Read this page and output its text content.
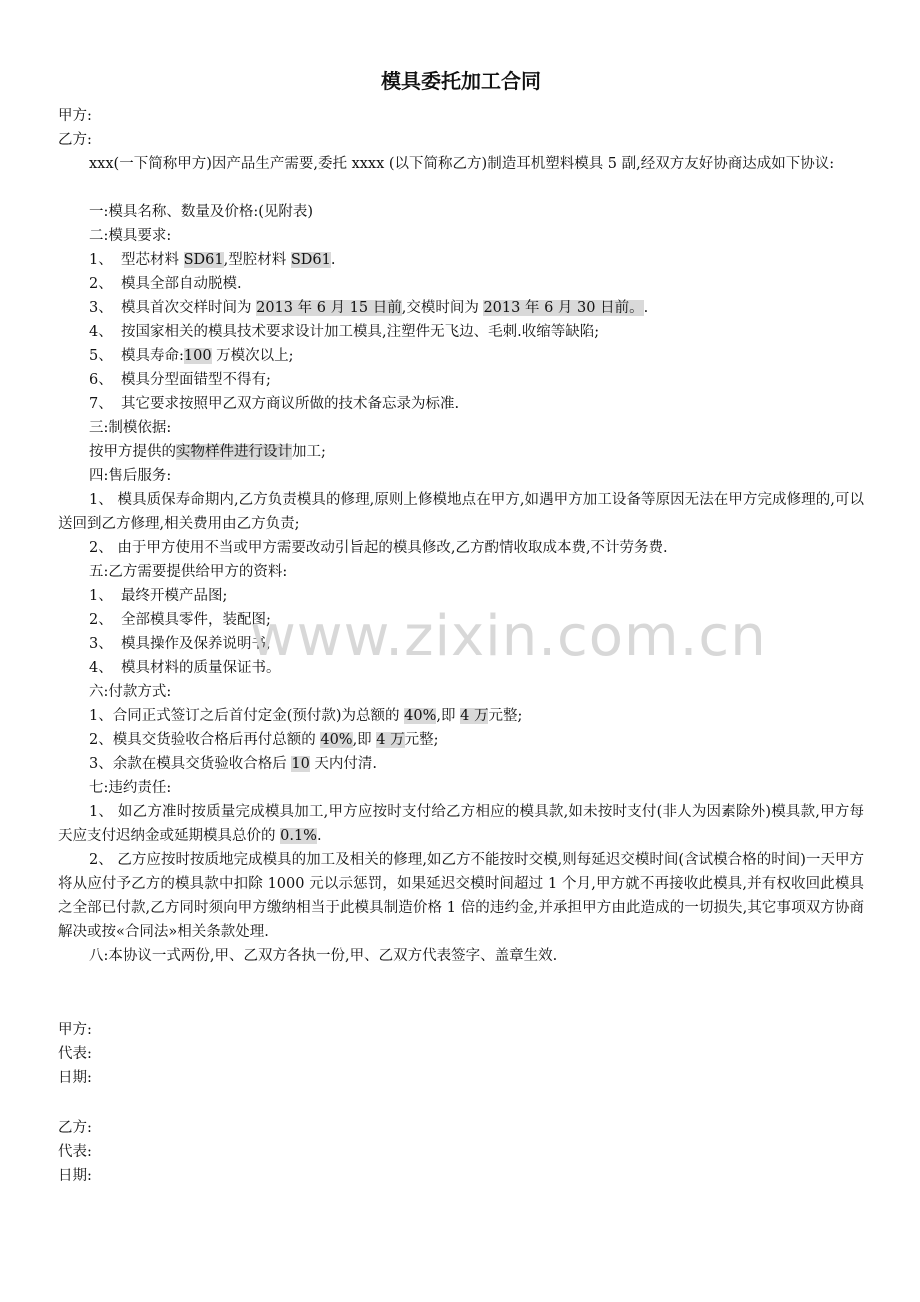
模具委托加工合同
甲方:
乙方:
xxx(一下简称甲方)因产品生产需要,委托 xxxx (以下简称乙方)制造耳机塑料模具 5 副,经双方友好协商达成如下协议:
一:模具名称、数量及价格:(见附表)
二:模具要求:
1、 型芯材料 SD61,型腔材料 SD61.
2、 模具全部自动脱模.
3、 模具首次交样时间为 2013 年 6 月 15 日前,交模时间为 2013 年 6 月 30 日前。.
4、 按国家相关的模具技术要求设计加工模具,注塑件无飞边、毛刺.收缩等缺陷;
5、 模具寿命:100 万模次以上;
6、 模具分型面错型不得有;
7、 其它要求按照甲乙双方商议所做的技术备忘录为标准.
三:制模依据:
按甲方提供的实物样件进行设计加工;
四:售后服务:
1、 模具质保寿命期内,乙方负责模具的修理,原则上修模地点在甲方,如遇甲方加工设备等原因无法在甲方完成修理的,可以送回到乙方修理,相关费用由乙方负责;
2、 由于甲方使用不当或甲方需要改动引旨起的模具修改,乙方酌情收取成本费,不计劳务费.
五:乙方需要提供给甲方的资料:
1、 最终开模产品图;
2、 全部模具零件，装配图;
3、 模具操作及保养说明书;
4、 模具材料的质量保证书。
六:付款方式:
1、合同正式签订之后首付定金(预付款)为总额的 40%,即 4 万元整;
2、模具交货验收合格后再付总额的 40%,即 4 万元整;
3、余款在模具交货验收合格后 10 天内付清.
七:违约责任:
1、 如乙方准时按质量完成模具加工,甲方应按时支付给乙方相应的模具款,如未按时支付(非人为因素除外)模具款,甲方每天应支付迟纳金或延期模具总价的 0.1%.
2、 乙方应按时按质地完成模具的加工及相关的修理,如乙方不能按时交模,则每延迟交模时间(含试模合格的时间)一天甲方将从应付予乙方的模具款中扣除 1000 元以示惩罚，如果延迟交模时间超过 1 个月,甲方就不再接收此模具,并有权收回此模具之全部已付款,乙方同时须向甲方缴纳相当于此模具制造价格 1 倍的违约金,并承担甲方由此造成的一切损失,其它事项双方协商解决或按«合同法»相关条款处理.
八:本协议一式两份,甲、乙双方各执一份,甲、乙双方代表签字、盖章生效.
甲方:
代表:
日期:
乙方:
代表:
日期:
www.zixin.com.cn
